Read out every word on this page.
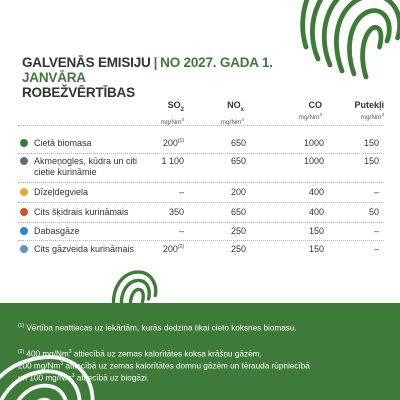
GALVENĀS EMISIJU | NO 2027. GADA 1. JANVĀRA
ROBEŽVĒRTĪBAS
$SO_2$
mg/Nm$^3$
$NO_x$
mg/Nm$^3$
CO
mg/Nm$^3$
Putekļi
mg/Nm$^3$
Cietā biomasa	200$^{(1)}$	650	1000	150
Akmeņogles, kūdra un citi cietie kurināmie
1 100	650	1000	150
Dīzeļdegviela	–	200	400	–
Cits šķidrais kurināmais	350	650	400	50
Dabasgāze	–	250	150	–
Cits gāzveida kurināmais	200$^{(2)}$	250	150	–
$^{(1)}$ Vērtība neattiecas uz iekārtām, kurās dedzina tikai cieto koksnes biomasu.
$^{(2)}$ 400 mg/Nm$^3$ attiecībā uz zemas kalorītātes koksa krāšņu gāzēm,
200 mg/Nm$^3$ attiecībā uz zemas kalorītātes domnu gāzēm un tērauda rūpniecībā
un 100 mg/Nm$^3$ attiecībā uz biogāzi.
